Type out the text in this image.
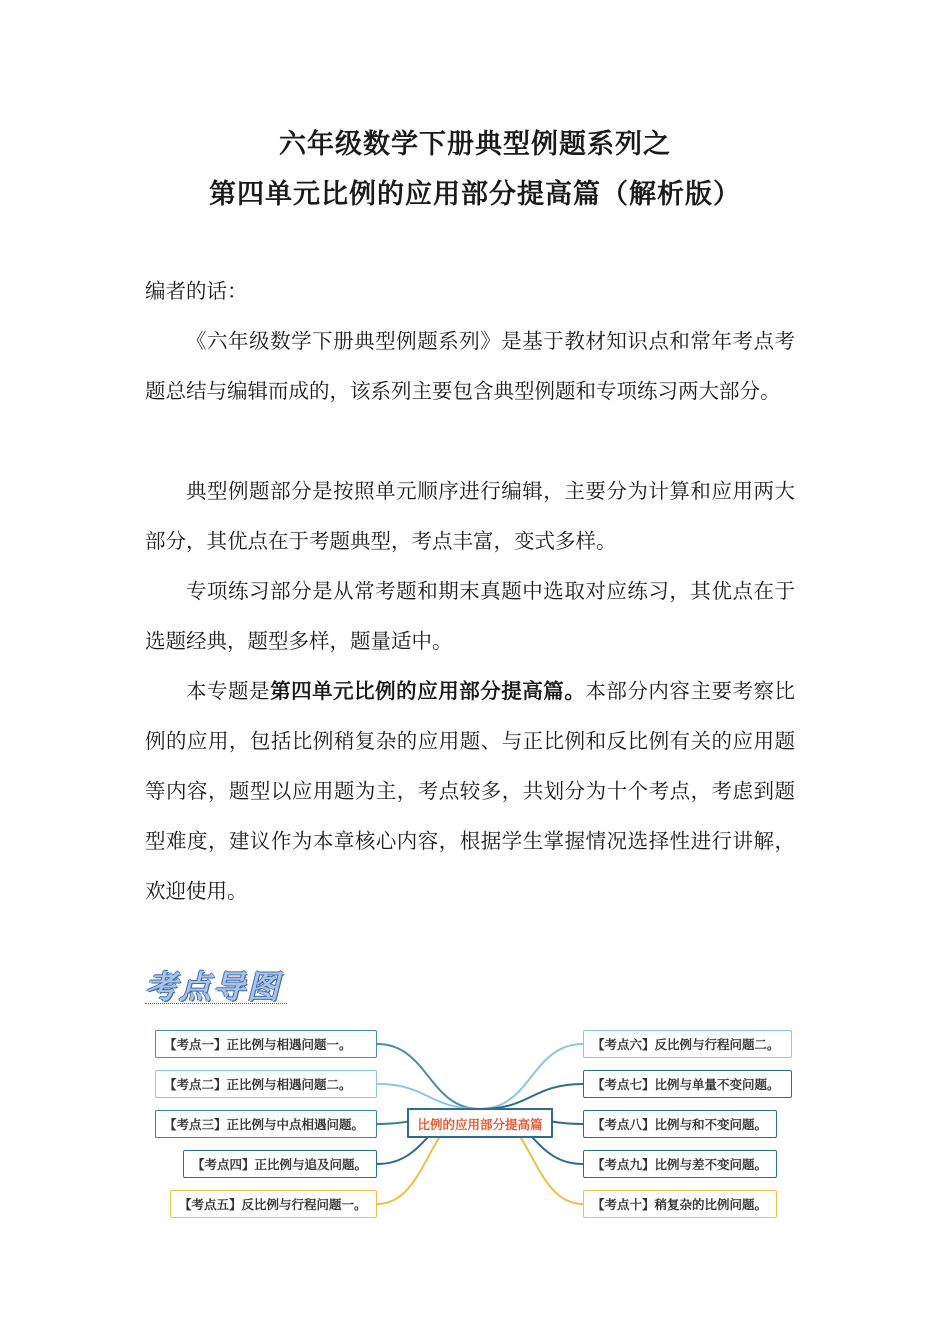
六年级数学下册典型例题系列之
第四单元比例的应用部分提高篇（解析版）

编者的话：

《六年级数学下册典型例题系列》是基于教材知识点和常年考点考题总结与编辑而成的，该系列主要包含典型例题和专项练习两大部分。

典型例题部分是按照单元顺序进行编辑，主要分为计算和应用两大部分，其优点在于考题典型，考点丰富，变式多样。

专项练习部分是从常考题和期末真题中选取对应练习，其优点在于选题经典，题型多样，题量适中。

本专题是第四单元比例的应用部分提高篇。本部分内容主要考察比例的应用，包括比例稍复杂的应用题、与正比例和反比例有关的应用题等内容，题型以应用题为主，考点较多，共划分为十个考点，考虑到题型难度，建议作为本章核心内容，根据学生掌握情况选择性进行讲解，欢迎使用。

考点导图
比例的应用部分提高篇
【考点一】正比例与相遇问题一。
【考点二】正比例与相遇问题二。
【考点三】正比例与中点相遇问题。
【考点四】正比例与追及问题。
【考点五】反比例与行程问题一。
【考点六】反比例与行程问题二。
【考点七】比例与单量不变问题。
【考点八】比例与和不变问题。
【考点九】比例与差不变问题。
【考点十】稍复杂的比例问题。
